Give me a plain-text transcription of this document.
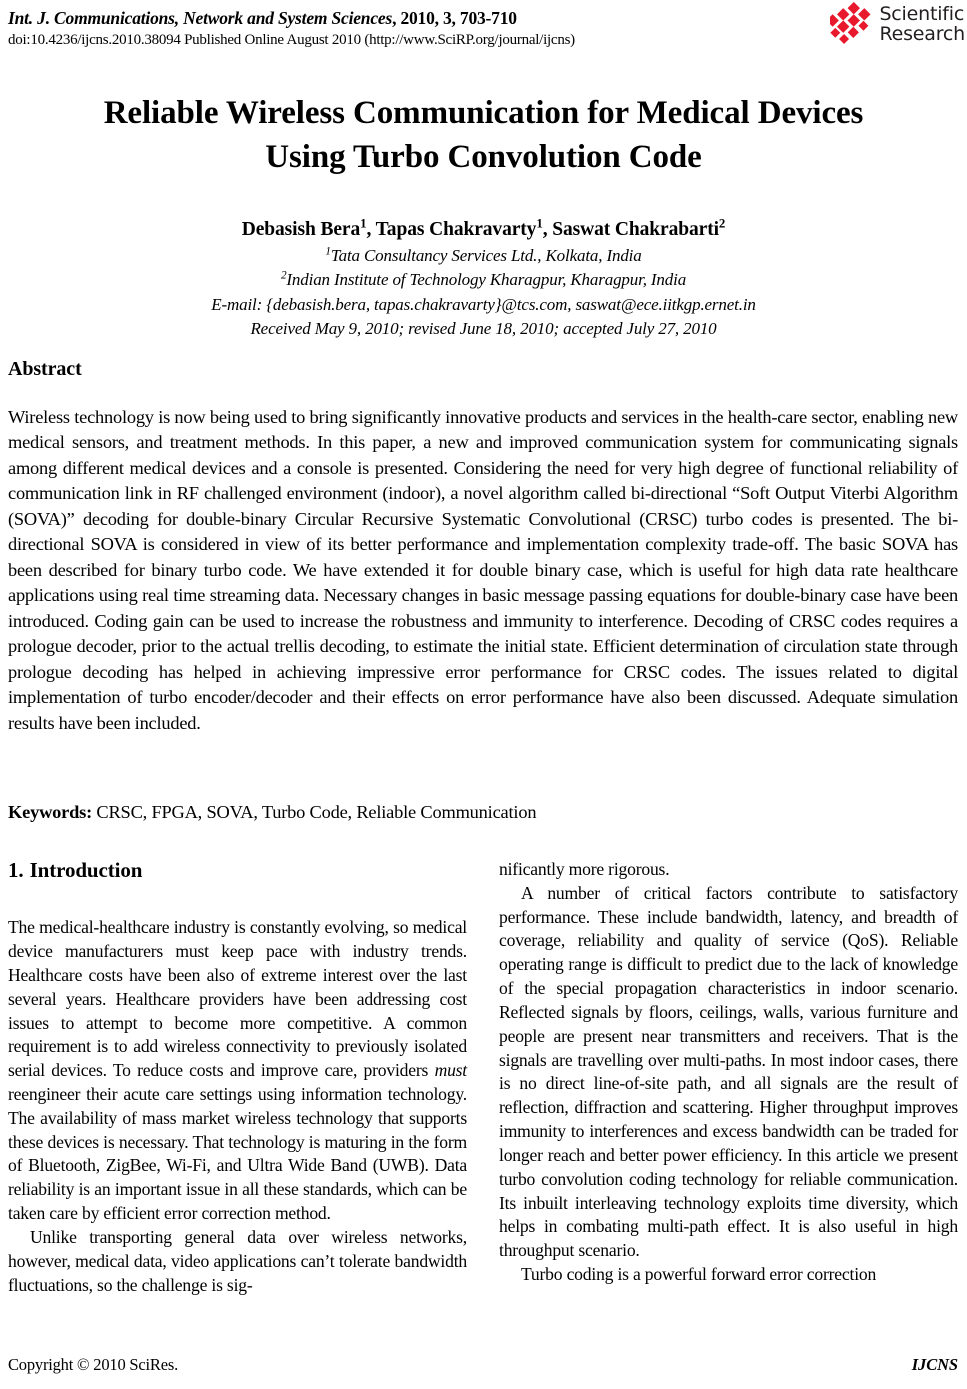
Int. J. Communications, Network and System Sciences, 2010, 3, 703-710
doi:10.4236/ijcns.2010.38094 Published Online August 2010 (http://www.SciRP.org/journal/ijcns)
Scientific
Research
Reliable Wireless Communication for Medical Devices
Using Turbo Convolution Code
Debasish Bera$^1$, Tapas Chakravarty$^1$, Saswat Chakrabarti$^2$
$^1$Tata Consultancy Services Ltd., Kolkata, India
$^2$Indian Institute of Technology Kharagpur, Kharagpur, India
E-mail: {debasish.bera, tapas.chakravarty}@tcs.com, saswat@ece.iitkgp.ernet.in
Received May 9, 2010; revised June 18, 2010; accepted July 27, 2010
Abstract
Wireless technology is now being used to bring significantly innovative products and services in the health-care sector, enabling new medical sensors, and treatment methods. In this paper, a new and improved communication system for communicating signals among different medical devices and a console is presented. Considering the need for very high degree of functional reliability of communication link in RF challenged environment (indoor), a novel algorithm called bi-directional “Soft Output Viterbi Algorithm (SOVA)” decoding for double-binary Circular Recursive Systematic Convolutional (CRSC) turbo codes is presented. The bi-directional SOVA is considered in view of its better performance and implementation complexity trade-off. The basic SOVA has been described for binary turbo code. We have extended it for double binary case, which is useful for high data rate healthcare applications using real time streaming data. Necessary changes in basic message passing equations for double-binary case have been introduced. Coding gain can be used to increase the robustness and immunity to interference. Decoding of CRSC codes requires a prologue decoder, prior to the actual trellis decoding, to estimate the initial state. Efficient determination of circulation state through prologue decoding has helped in achieving impressive error performance for CRSC codes. The issues related to digital implementation of turbo encoder/decoder and their effects on error performance have also been discussed. Adequate simulation results have been included.
Keywords: CRSC, FPGA, SOVA, Turbo Code, Reliable Communication
1. Introduction

The medical-healthcare industry is constantly evolving, so medical device manufacturers must keep pace with industry trends. Healthcare costs have been also of extreme interest over the last several years. Healthcare providers have been addressing cost issues to attempt to become more competitive. A common requirement is to add wireless connectivity to previously isolated serial devices. To reduce costs and improve care, providers must reengineer their acute care settings using information technology. The availability of mass market wireless technology that supports these devices is necessary. That technology is maturing in the form of Bluetooth, ZigBee, Wi-Fi, and Ultra Wide Band (UWB). Data reliability is an important issue in all these standards, which can be taken care by efficient error correction method.

Unlike transporting general data over wireless networks, however, medical data, video applications can’t tolerate bandwidth fluctuations, so the challenge is sig-

nificantly more rigorous.

A number of critical factors contribute to satisfactory performance. These include bandwidth, latency, and breadth of coverage, reliability and quality of service (QoS). Reliable operating range is difficult to predict due to the lack of knowledge of the special propagation characteristics in indoor scenario. Reflected signals by floors, ceilings, walls, various furniture and people are present near transmitters and receivers. That is the signals are travelling over multi-paths. In most indoor cases, there is no direct line-of-site path, and all signals are the result of reflection, diffraction and scattering. Higher throughput improves immunity to interferences and excess bandwidth can be traded for longer reach and better power efficiency. In this article we present turbo convolution coding technology for reliable communication. Its inbuilt interleaving technology exploits time diversity, which helps in combating multi-path effect. It is also useful in high throughput scenario.

Turbo coding is a powerful forward error correction

Copyright © 2010 SciRes.	IJCNS
